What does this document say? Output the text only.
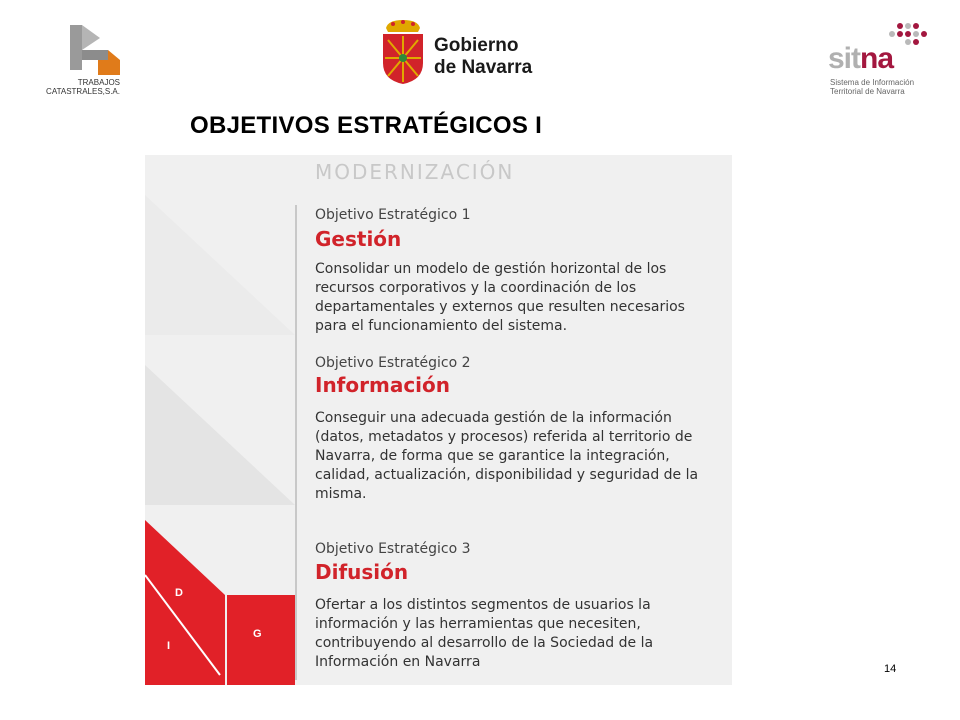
TRABAJOS CATASTRALES,S.A.
Gobierno
de Navarra	sitna
Sistema de Información
Territorial de Navarra
OBJETIVOS ESTRATÉGICOS I
D
I
G
MODERNIZACIÓN
Objetivo Estratégico 1
Gestión
Consolidar un modelo de gestión horizontal de los recursos corporativos y la coordinación de los departamentales y externos que resulten necesarios para el funcionamiento del sistema.
Objetivo Estratégico 2
Información
Conseguir una adecuada gestión de la información (datos, metadatos y procesos) referida al territorio de Navarra, de forma que se garantice la integración, calidad, actualización, disponibilidad y seguridad de la misma.
Objetivo Estratégico 3
Difusión
Ofertar a los distintos segmentos de usuarios la información y las herramientas que necesiten, contribuyendo al desarrollo de la Sociedad de la Información en Navarra	14
